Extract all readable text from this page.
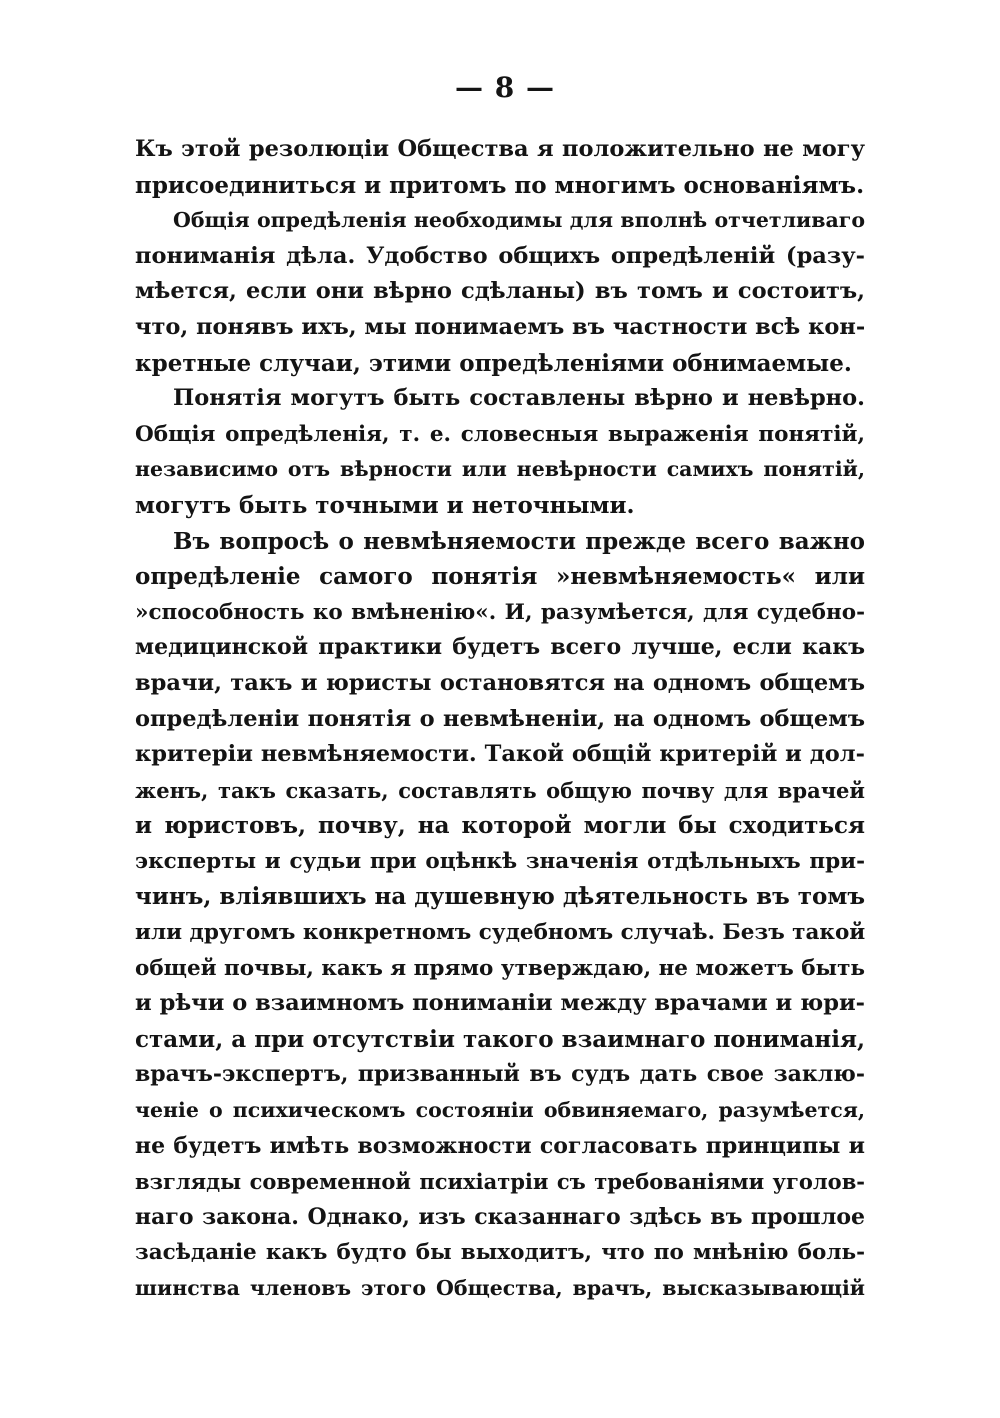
— 8 —
Къ этой резолюціи Общества я положительно не могу
присоединиться и притомъ по многимъ основаніямъ.
Общія опредѣленія необходимы для вполнѣ отчетливаго
пониманія дѣла. Удобство общихъ опредѣленій (разу-
мѣется, если они вѣрно сдѣланы) въ томъ и состоитъ,
что, понявъ ихъ, мы понимаемъ въ частности всѣ кон-
кретные случаи, этими опредѣленіями обнимаемые.
Понятія могутъ быть составлены вѣрно и невѣрно.
Общія опредѣленія, т. е. словесныя выраженія понятій,
независимо отъ вѣрности или невѣрности самихъ понятій,
могутъ быть точными и неточными.
Въ вопросѣ о невмѣняемости прежде всего важно
опредѣленіе самого понятія »невмѣняемость« или
»способность ко вмѣненію«. И, разумѣется, для судебно-
медицинской практики будетъ всего лучше, если какъ
врачи, такъ и юристы остановятся на одномъ общемъ
опредѣленіи понятія о невмѣненіи, на одномъ общемъ
критеріи невмѣняемости. Такой общій критерій и дол-
женъ, такъ сказать, составлять общую почву для врачей
и юристовъ, почву, на которой могли бы сходиться
эксперты и судьи при оцѣнкѣ значенія отдѣльныхъ при-
чинъ, вліявшихъ на душевную дѣятельность въ томъ
или другомъ конкретномъ судебномъ случаѣ. Безъ такой
общей почвы, какъ я прямо утверждаю, не можетъ быть
и рѣчи о взаимномъ пониманіи между врачами и юри-
стами, а при отсутствіи такого взаимнаго пониманія,
врачъ-экспертъ, призванный въ судъ дать свое заклю-
ченіе о психическомъ состояніи обвиняемаго, разумѣется,
не будетъ имѣть возможности согласовать принципы и
взгляды современной психіатріи съ требованіями уголов-
наго закона. Однако, изъ сказаннаго здѣсь въ прошлое
засѣданіе какъ будто бы выходитъ, что по мнѣнію боль-
шинства членовъ этого Общества, врачъ, высказывающій
